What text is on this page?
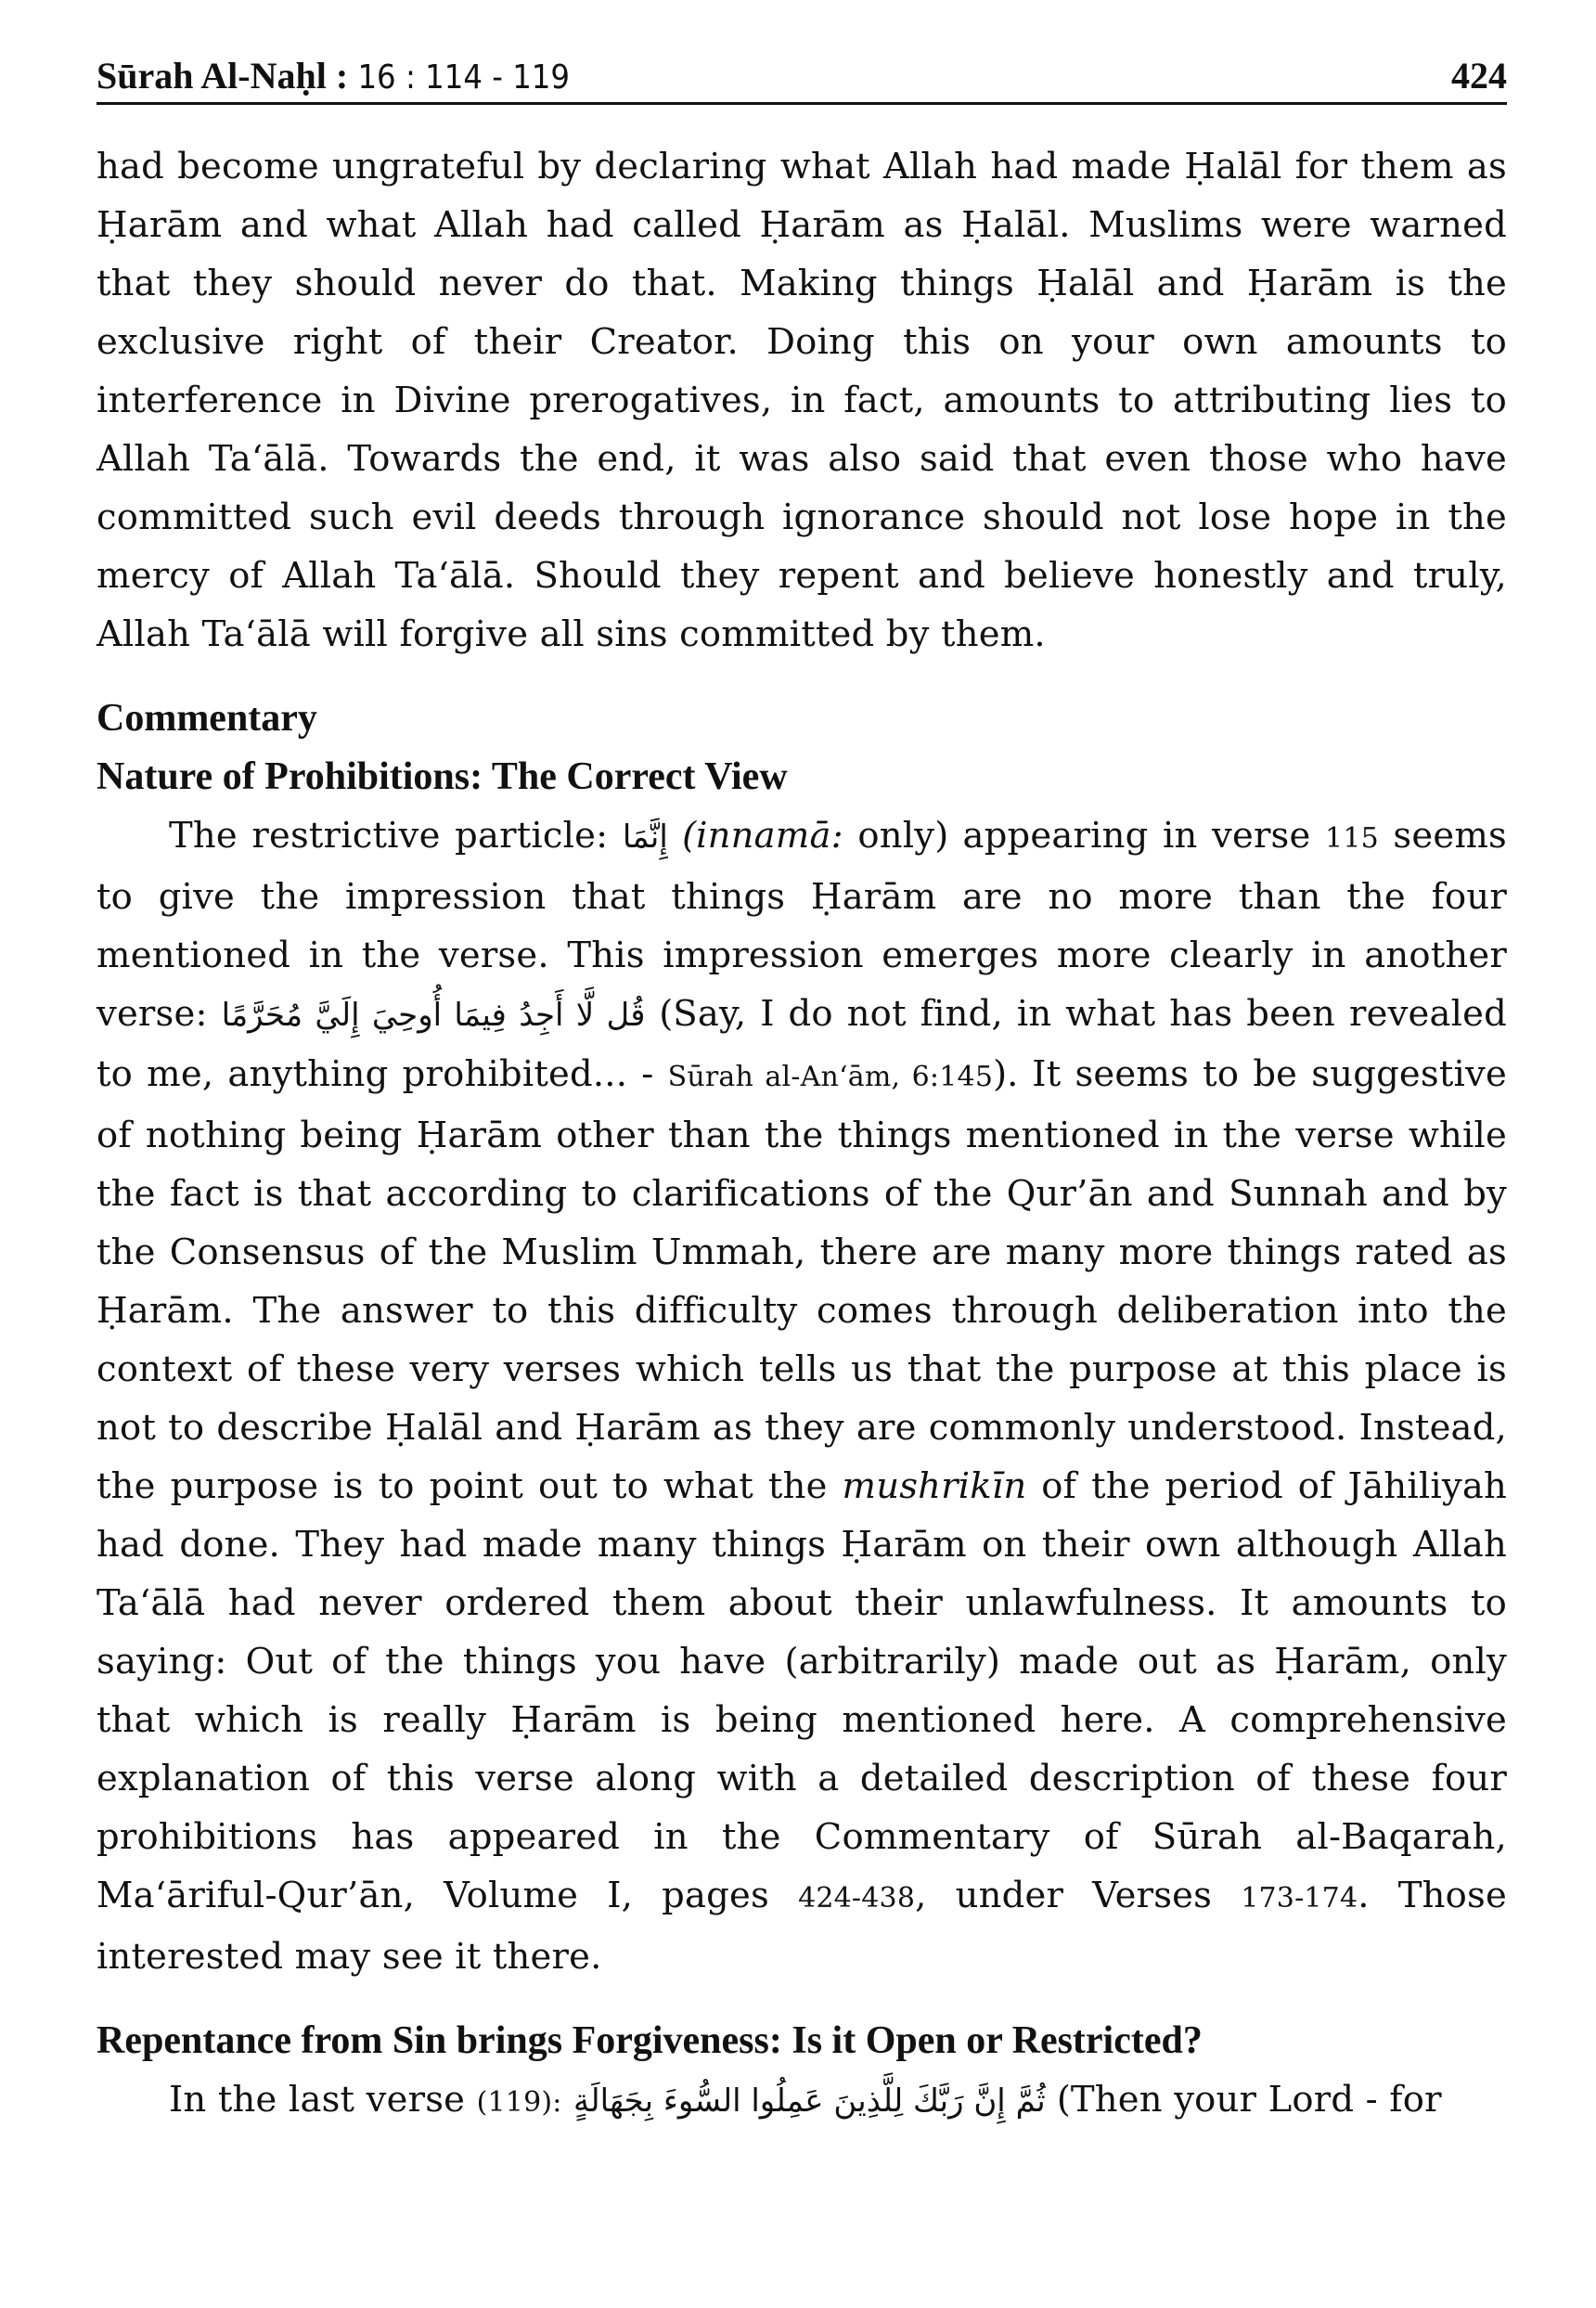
Sūrah Al-Naḥl : 16 : 114 - 119	424

had become ungrateful by declaring what Allah had made Ḥalāl for them as Ḥarām and what Allah had called Ḥarām as Ḥalāl. Muslims were warned that they should never do that. Making things Ḥalāl and Ḥarām is the exclusive right of their Creator. Doing this on your own amounts to interference in Divine prerogatives, in fact, amounts to attributing lies to Allah Ta‘ālā. Towards the end, it was also said that even those who have committed such evil deeds through ignorance should not lose hope in the mercy of Allah Ta‘ālā. Should they repent and believe honestly and truly, Allah Ta‘ālā will forgive all sins committed by them.

Commentary
Nature of Prohibitions: The Correct View

The restrictive particle: إِنَّمَا (innamā: only) appearing in verse 115 seems to give the impression that things Ḥarām are no more than the four mentioned in the verse. This impression emerges more clearly in another verse: قُل لَّا أَجِدُ فِيمَا أُوحِيَ إِلَيَّ مُحَرَّمًا (Say, I do not find, in what has been revealed to me, anything prohibited... - Sūrah al-An‘ām, 6:145). It seems to be suggestive of nothing being Ḥarām other than the things mentioned in the verse while the fact is that according to clarifications of the Qur’ān and Sunnah and by the Consensus of the Muslim Ummah, there are many more things rated as Ḥarām. The answer to this difficulty comes through deliberation into the context of these very verses which tells us that the purpose at this place is not to describe Ḥalāl and Ḥarām as they are commonly understood. Instead, the purpose is to point out to what the mushrikīn of the period of Jāhiliyah had done. They had made many things Ḥarām on their own although Allah Ta‘ālā had never ordered them about their unlawfulness. It amounts to saying: Out of the things you have (arbitrarily) made out as Ḥarām, only that which is really Ḥarām is being mentioned here. A comprehensive explanation of this verse along with a detailed description of these four prohibitions has appeared in the Commentary of Sūrah al-Baqarah, Ma‘āriful-Qur’ān, Volume I, pages 424-438, under Verses 173-174. Those interested may see it there.

Repentance from Sin brings Forgiveness: Is it Open or Restricted?

In the last verse (119): ثُمَّ إِنَّ رَبَّكَ لِلَّذِينَ عَمِلُوا السُّوءَ بِجَهَالَةٍ (Then your Lord - for
